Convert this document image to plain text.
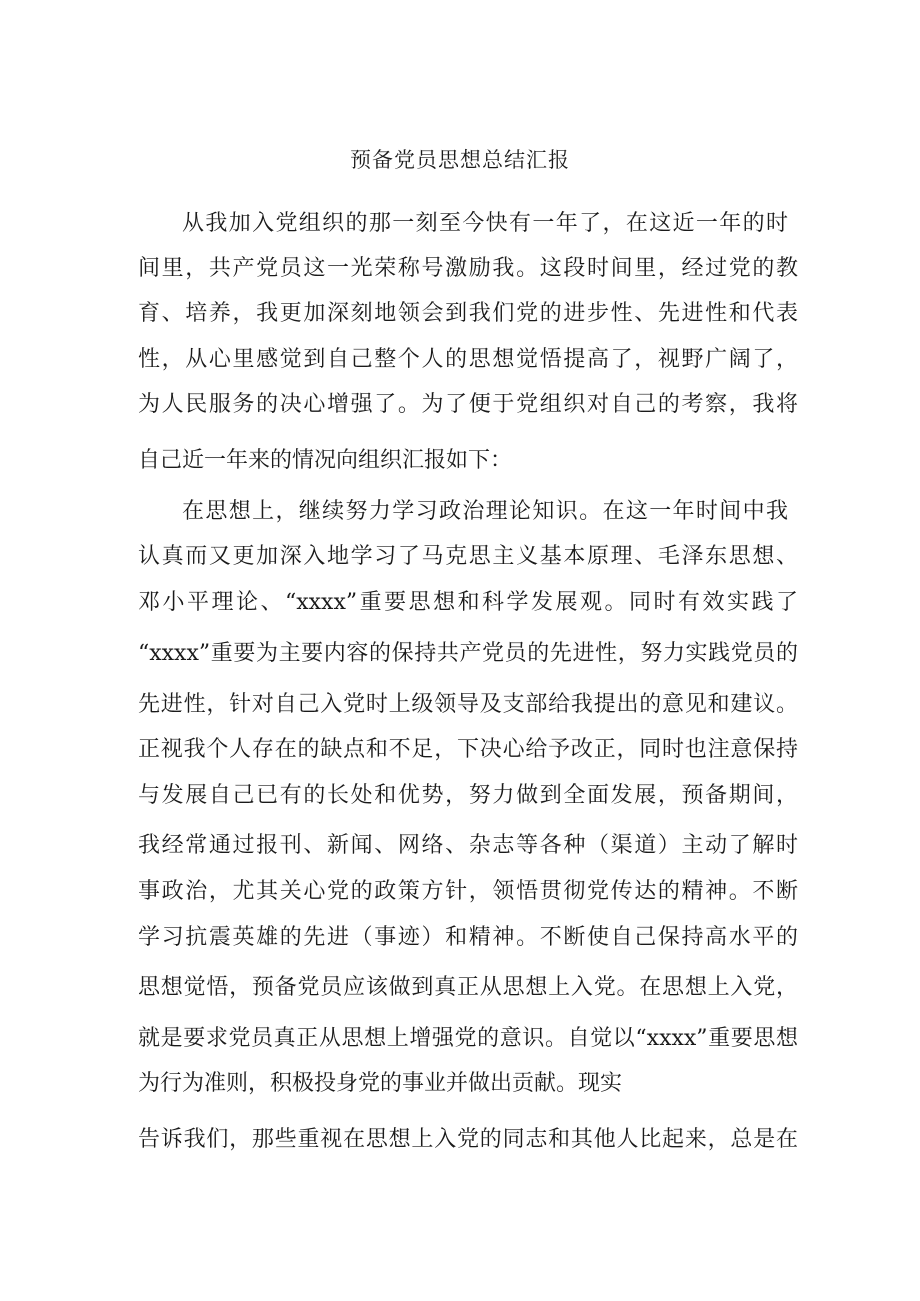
预备党员思想总结汇报
从我加入党组织的那一刻至今快有一年了，在这近一年的时
间里，共产党员这一光荣称号激励我。这段时间里，经过党的教
育、培养，我更加深刻地领会到我们党的进步性、先进性和代表
性，从心里感觉到自己整个人的思想觉悟提高了，视野广阔了，
为人民服务的决心增强了。为了便于党组织对自己的考察，我将
自己近一年来的情况向组织汇报如下：
在思想上，继续努力学习政治理论知识。在这一年时间中我
认真而又更加深入地学习了马克思主义基本原理、毛泽东思想、
邓小平理论、“xxxx”重要思想和科学发展观。同时有效实践了
“xxxx”重要为主要内容的保持共产党员的先进性，努力实践党员的
先进性，针对自己入党时上级领导及支部给我提出的意见和建议。
正视我个人存在的缺点和不足，下决心给予改正，同时也注意保持
与发展自己已有的长处和优势，努力做到全面发展，预备期间，
我经常通过报刊、新闻、网络、杂志等各种（渠道）主动了解时
事政治，尤其关心党的政策方针，领悟贯彻党传达的精神。不断
学习抗震英雄的先进（事迹）和精神。不断使自己保持高水平的
思想觉悟，预备党员应该做到真正从思想上入党。在思想上入党，
就是要求党员真正从思想上增强党的意识。自觉以“xxxx”重要思想
为行为准则，积极投身党的事业并做出贡献。现实
告诉我们，那些重视在思想上入党的同志和其他人比起来，总是在
